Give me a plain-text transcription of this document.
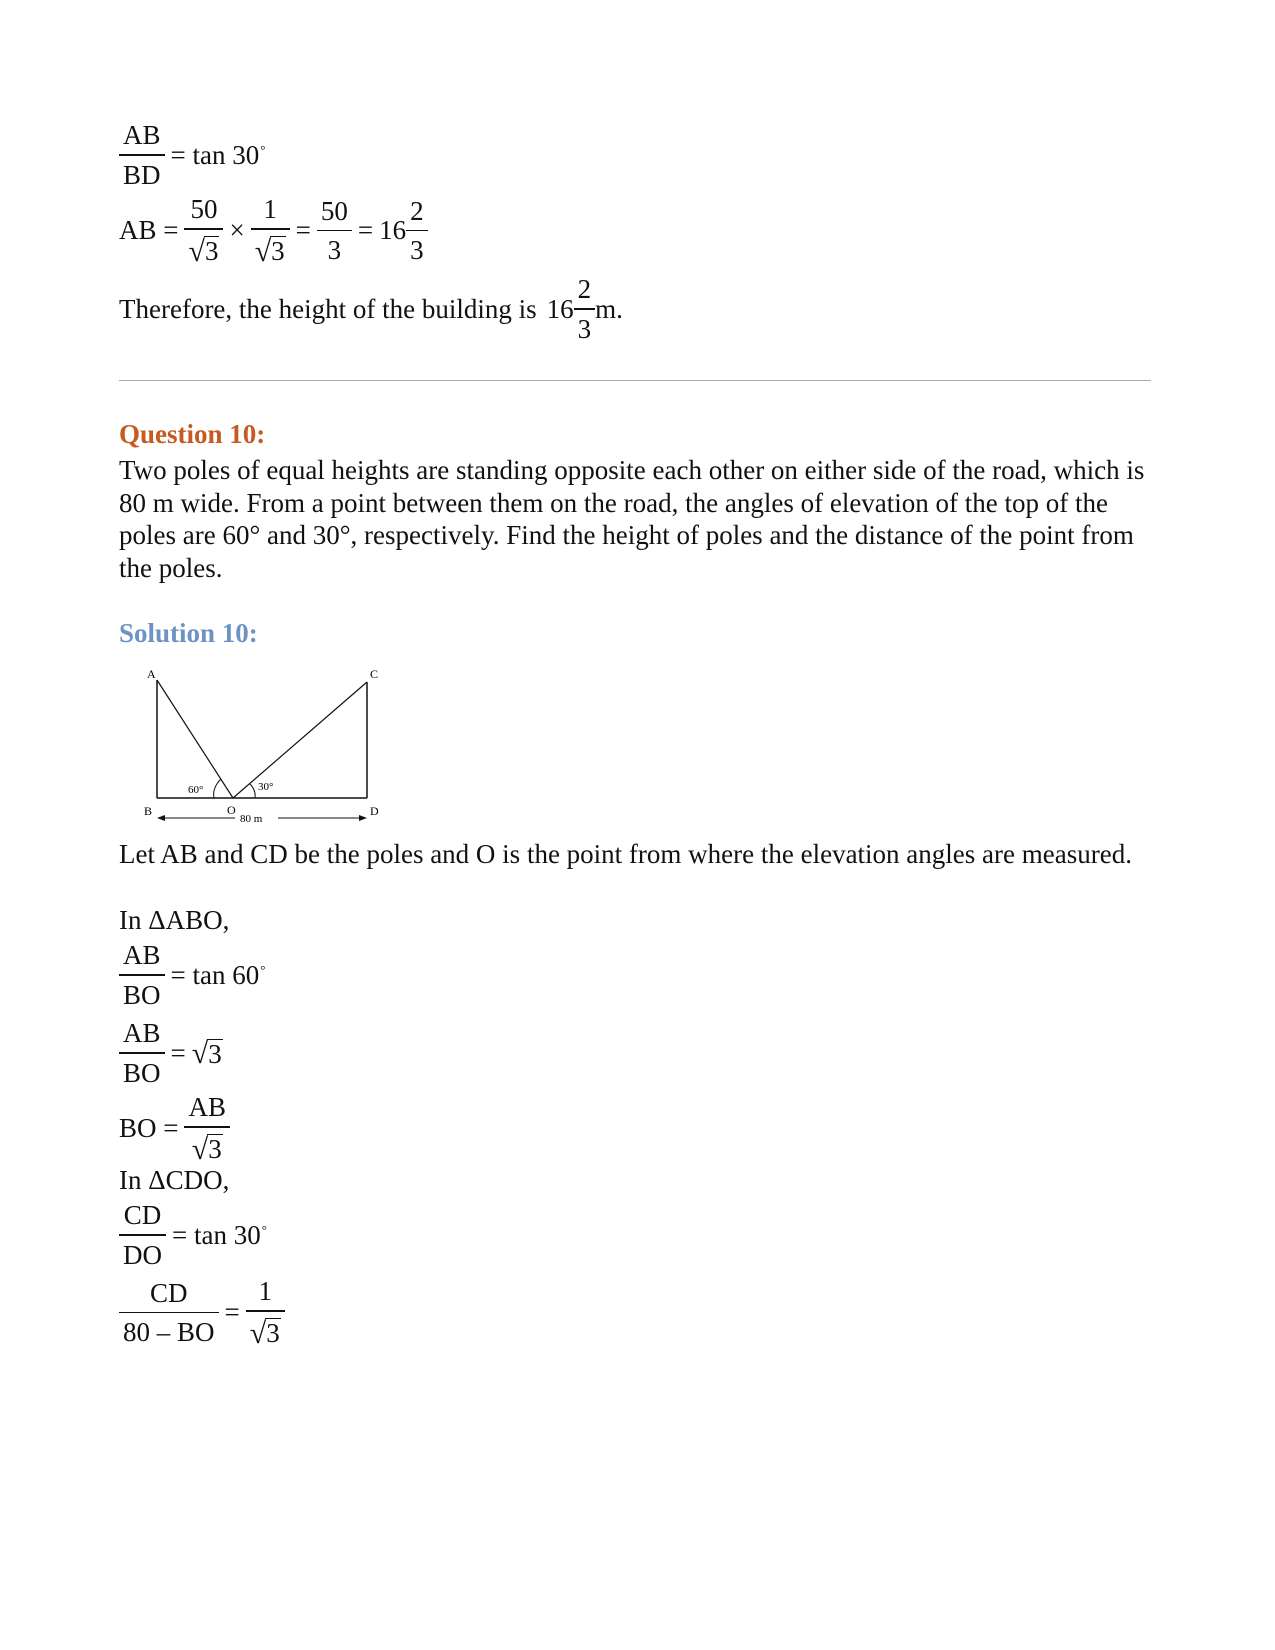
$\frac{AB}{BD} = \tan 30^\circ$
AB = $\frac{50}{√ 3} \times \frac{1}{√ 3} = \frac{50}{3} = 16 \frac{2}{3}$
Therefore, the height of the building is $16 \frac{2}{3} m$.
Question 10:
Two poles of equal heights are standing opposite each other on either side of the road, which is 80 m wide. From a point between them on the road, the angles of elevation of the top of the poles are 60° and 30°, respectively. Find the height of poles and the distance of the point from the poles.
Solution 10:
A	C
B	D
O
60°	30°
80 m
Let AB and CD be the poles and O is the point from where the elevation angles are measured.
In ΔABO,
$\frac{AB}{BO} = \tan 60^\circ$
$\frac{AB}{BO}$ = √ 3
BO = $\frac{AB}{√ 3}$
In ΔCDO,
$\frac{CD}{DO} = \tan 30^\circ$
$\frac{CD}{80 - BO} = \frac{1}{√ 3}$
